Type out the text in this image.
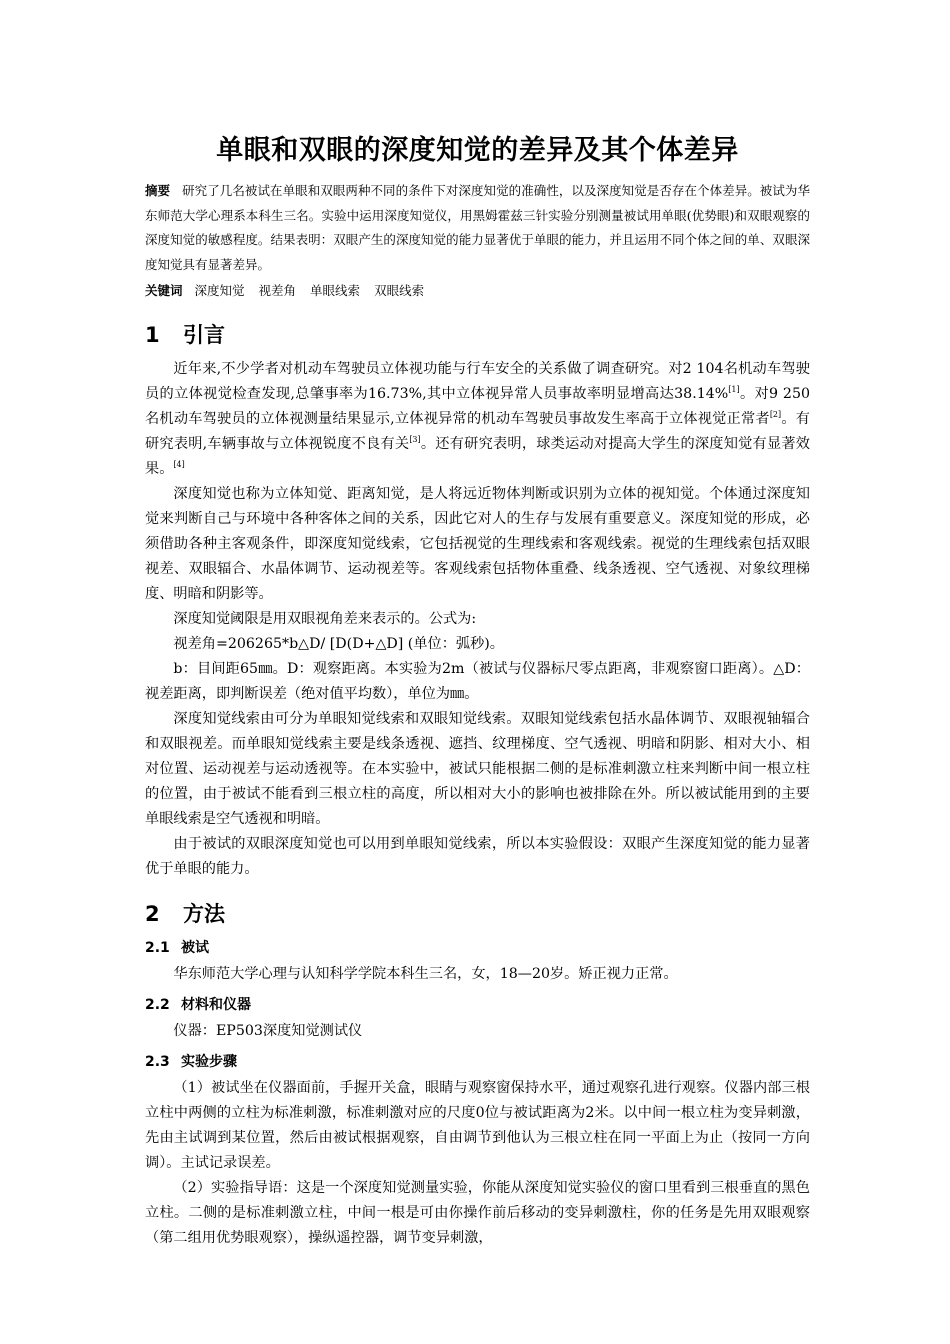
单眼和双眼的深度知觉的差异及其个体差异

摘要 研究了几名被试在单眼和双眼两种不同的条件下对深度知觉的准确性，以及深度知觉是否存在个体差异。被试为华东师范大学心理系本科生三名。实验中运用深度知觉仪，用黑姆霍兹三针实验分别测量被试用单眼(优势眼)和双眼观察的深度知觉的敏感程度。结果表明：双眼产生的深度知觉的能力显著优于单眼的能力，并且运用不同个体之间的单、双眼深度知觉具有显著差异。

关键词 深度知觉 视差角 单眼线索 双眼线索

1 引言

近年来,不少学者对机动车驾驶员立体视功能与行车安全的关系做了调查研究。对2 104名机动车驾驶员的立体视觉检查发现,总肇事率为16.73%,其中立体视异常人员事故率明显增高达38.14%[1]。对9 250名机动车驾驶员的立体视测量结果显示,立体视异常的机动车驾驶员事故发生率高于立体视觉正常者[2]。有研究表明,车辆事故与立体视锐度不良有关[3]。还有研究表明，球类运动对提高大学生的深度知觉有显著效果。[4]

深度知觉也称为立体知觉、距离知觉，是人将远近物体判断或识别为立体的视知觉。个体通过深度知觉来判断自己与环境中各种客体之间的关系，因此它对人的生存与发展有重要意义。深度知觉的形成，必须借助各种主客观条件，即深度知觉线索，它包括视觉的生理线索和客观线索。视觉的生理线索包括双眼视差、双眼辐合、水晶体调节、运动视差等。客观线索包括物体重叠、线条透视、空气透视、对象纹理梯度、明暗和阴影等。

深度知觉阈限是用双眼视角差来表示的。公式为:

视差角=206265*b△D/ [D(D+△D] (单位：弧秒)。

b：目间距65㎜。D：观察距离。本实验为2m（被试与仪器标尺零点距离，非观察窗口距离）。△D：视差距离，即判断误差（绝对值平均数），单位为㎜。

深度知觉线索由可分为单眼知觉线索和双眼知觉线索。双眼知觉线索包括水晶体调节、双眼视轴辐合和双眼视差。而单眼知觉线索主要是线条透视、遮挡、纹理梯度、空气透视、明暗和阴影、相对大小、相对位置、运动视差与运动透视等。在本实验中，被试只能根据二侧的是标准刺激立柱来判断中间一根立柱的位置，由于被试不能看到三根立柱的高度，所以相对大小的影响也被排除在外。所以被试能用到的主要单眼线索是空气透视和明暗。

由于被试的双眼深度知觉也可以用到单眼知觉线索，所以本实验假设：双眼产生深度知觉的能力显著优于单眼的能力。

2 方法
2.1 被试

华东师范大学心理与认知科学学院本科生三名，女，18—20岁。矫正视力正常。

2.2 材料和仪器

仪器：EP503深度知觉测试仪

2.3 实验步骤

（1）被试坐在仪器面前，手握开关盒，眼睛与观察窗保持水平，通过观察孔进行观察。仪器内部三根立柱中两侧的立柱为标准刺激，标准刺激对应的尺度0位与被试距离为2米。以中间一根立柱为变异刺激，先由主试调到某位置，然后由被试根据观察，自由调节到他认为三根立柱在同一平面上为止（按同一方向调）。主试记录误差。

（2）实验指导语：这是一个深度知觉测量实验，你能从深度知觉实验仪的窗口里看到三根垂直的黑色立柱。二侧的是标准刺激立柱，中间一根是可由你操作前后移动的变异刺激柱，你的任务是先用双眼观察（第二组用优势眼观察），操纵遥控器，调节变异刺激，
